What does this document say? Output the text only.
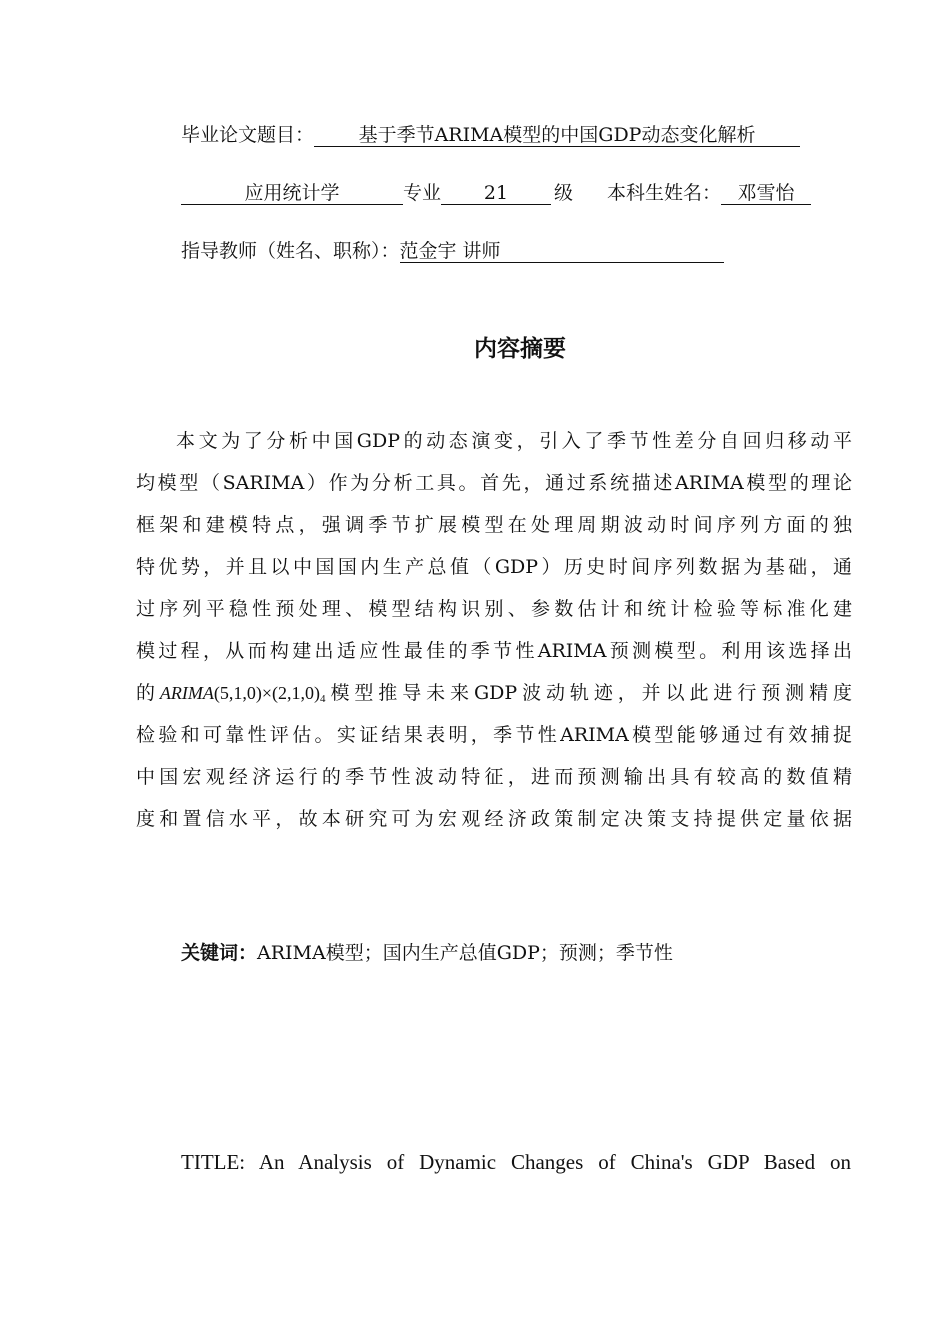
毕业论文题目： 基于季节ARIMA模型的中国GDP动态变化解析
应用统计学	专业 21 级 本科生姓名： 邓雪怡
指导教师（姓名、职称）：范金宇 讲师
内容摘要
本文为了分析中国GDP的动态演变，引入了季节性差分自回归移动平
均模型（SARIMA）作为分析工具。首先，通过系统描述ARIMA模型的理论
框架和建模特点，强调季节扩展模型在处理周期波动时间序列方面的独
特优势，并且以中国国内生产总值（GDP）历史时间序列数据为基础，通
过序列平稳性预处理、模型结构识别、参数估计和统计检验等标准化建
模过程，从而构建出适应性最佳的季节性ARIMA预测模型。利用该选择出
的$ARIMA(5,1,0)\times(2,1,0)_4$模型推导未来GDP波动轨迹，并以此进行预测精度
检验和可靠性评估。实证结果表明，季节性ARIMA模型能够通过有效捕捉
中国宏观经济运行的季节性波动特征，进而预测输出具有较高的数值精
度和置信水平，故本研究可为宏观经济政策制定决策支持提供定量依据
关键词：ARIMA模型；国内生产总值GDP；预测；季节性
TITLE: An Analysis of Dynamic Changes of China's GDP Based on
